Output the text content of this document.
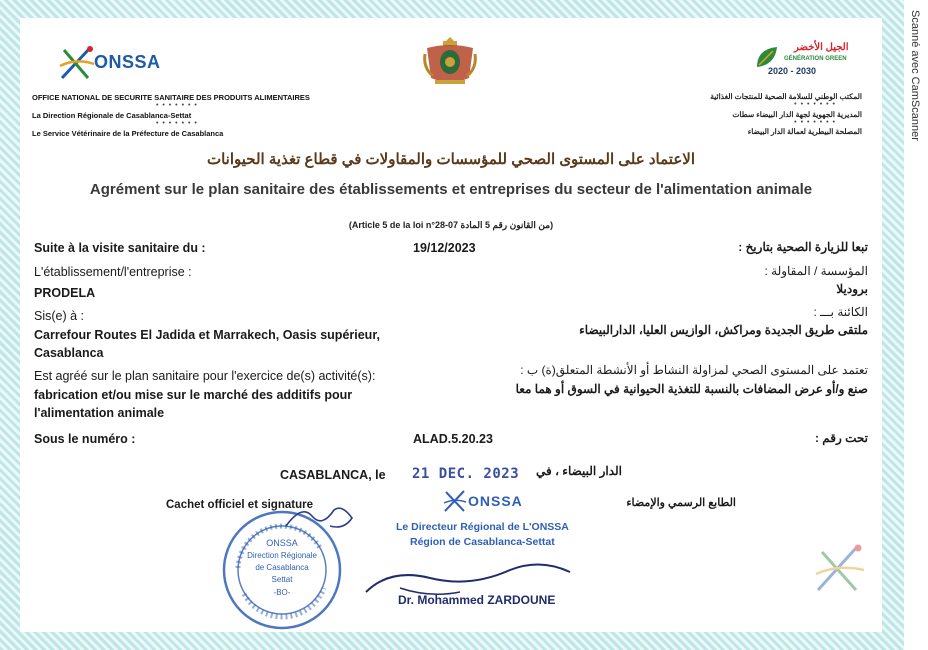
Scanné avec CamScanner
ONSSA
OFFICE NATIONAL DE SECURITE SANITAIRE DES PRODUITS ALIMENTAIRES
• • • • • • •
La Direction Régionale de Casablanca-Settat
• • • • • • •
Le Service Vétérinaire de la Préfecture de Casablanca
الجيل الأخضر
GÉNÉRATION GREEN
2020 - 2030
المكتب الوطني للسلامة الصحية للمنتجات الغذائية
• • • • • • •
المديرية الجهوية لجهة الدار البيضاء سطات
• • • • • • •
المصلحة البيطرية لعمالة الدار البيضاء
الاعتماد على المستوى الصحي للمؤسسات والمقاولات في قطاع تغذية الحيوانات
Agrément sur le plan sanitaire des établissements et entreprises du secteur de l'alimentation animale
(Article 5 de la loi n°28-07 من القانون رقم 5 المادة)
Suite à la visite sanitaire du :	19/12/2023	تبعا للزيارة الصحية بتاريخ :
L'établissement/l'entreprise :	المؤسسة / المقاولة :
PRODELA	بروديلا
Sis(e) à :	الكائنة بـــ :
Carrefour Routes El Jadida et Marrakech, Oasis supérieur,	ملتقى طريق الجديدة ومراكش، الوازيس العليا، الدارالبيضاء
Casablanca
Est agréé sur le plan sanitaire pour l'exercice de(s) activité(s):	تعتمد على المستوى الصحي لمزاولة النشاط أو الأنشطة المتعلق(ة) ب :
fabrication et/ou mise sur le marché des additifs pour	صنع و/أو عرض المضافات بالنسبة للتغذية الحيوانية في السوق أو هما معا
l'alimentation animale
Sous le numéro :	ALAD.5.20.23	تحت رقم :
CASABLANCA, le 21 DEC. 2023 الدار البيضاء ، في
Cachet officiel et signature	الطابع الرسمي والإمضاء
ONSSA
Le Directeur Régional de L'ONSSA
Région de Casablanca-Settat
ONSSA
Direction Régionale
de Casablanca
Settat
-BO-
Dr. Mohammed ZARDOUNE
